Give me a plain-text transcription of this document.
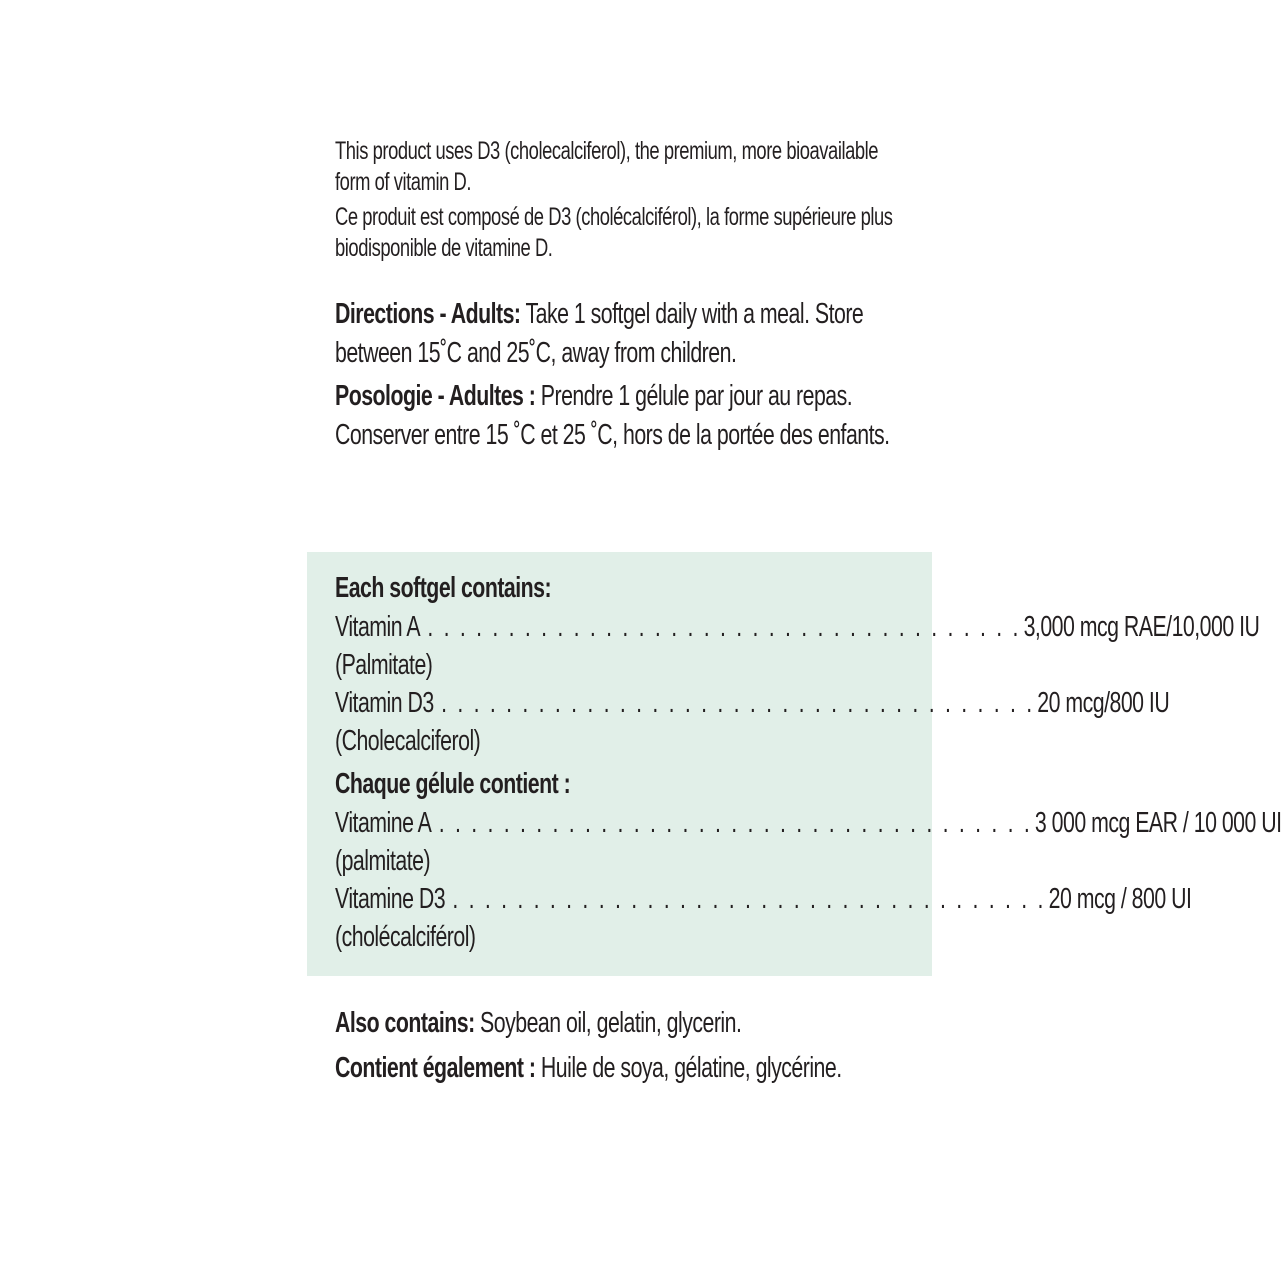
This product uses D3 (cholecalciferol), the premium, more bioavailable form of vitamin D.

Ce produit est composé de D3 (cholécalciférol), la forme supérieure plus biodisponible de vitamine D.

Directions - Adults: Take 1 softgel daily with a meal. Store between 15˚C and 25˚C, away from children.

Posologie - Adultes : Prendre 1 gélule par jour au repas. Conserver entre 15 ˚C et 25 ˚C, hors de la portée des enfants.

Each softgel contains:
Vitamin A . . . . . . . . . . . . . . . . . . . . . . . . . . . . . . . . . . . . . 3,000 mcg RAE/10,000 IU
(Palmitate)
Vitamin D3 . . . . . . . . . . . . . . . . . . . . . . . . . . . . . . . . . . . . . 20 mcg/800 IU
(Cholecalciferol)
Chaque gélule contient :
Vitamine A . . . . . . . . . . . . . . . . . . . . . . . . . . . . . . . . . . . . . 3 000 mcg EAR / 10 000 UI
(palmitate)
Vitamine D3 . . . . . . . . . . . . . . . . . . . . . . . . . . . . . . . . . . . . . 20 mcg / 800 UI
(cholécalciférol)

Also contains: Soybean oil, gelatin, glycerin.

Contient également : Huile de soya, gélatine, glycérine.
